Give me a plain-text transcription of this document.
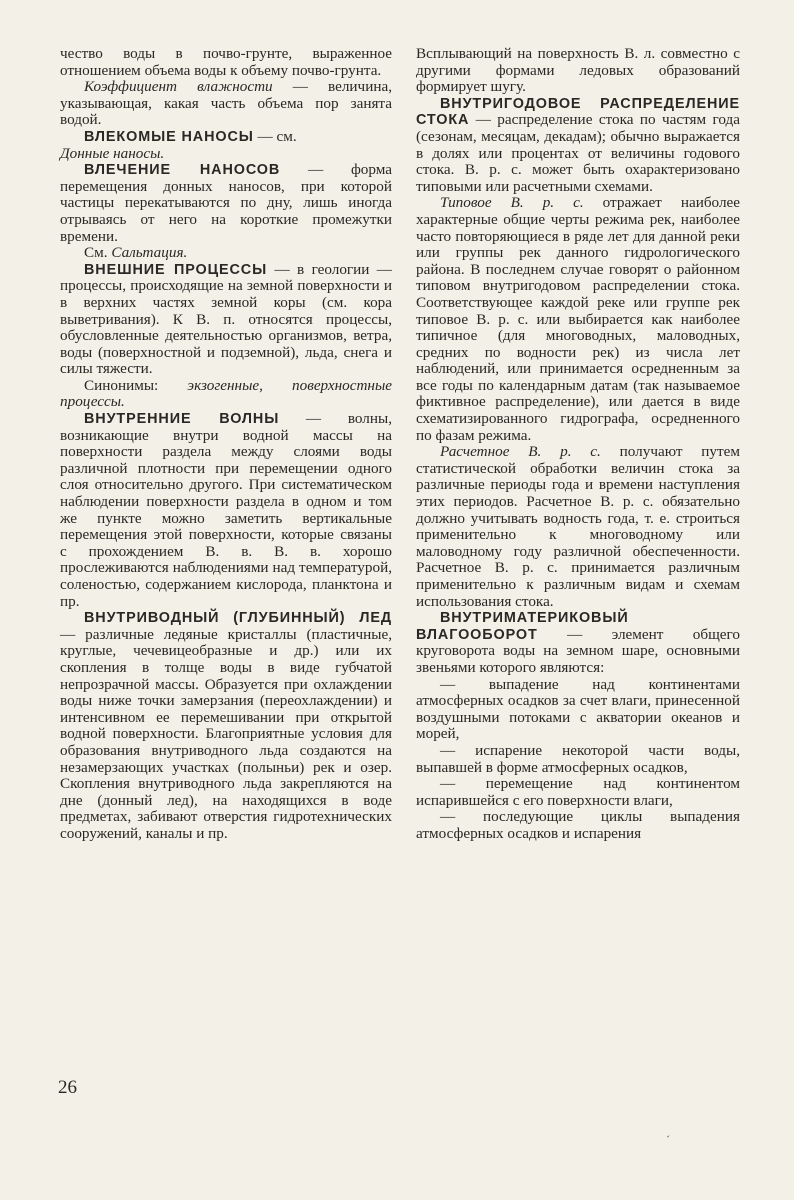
чество воды в почво-грунте, выраженное отношением объема воды к объему почво-грунта.

Коэффициент влажности — величина, указывающая, какая часть объема пор занята водой.

ВЛЕКОМЫЕ НАНОСЫ — см.
Донные наносы.

ВЛЕЧЕНИЕ НАНОСОВ — форма перемещения донных наносов, при которой частицы перекатываются по дну, лишь иногда отрываясь от него на короткие промежутки времени.

См. Сальтация.

ВНЕШНИЕ ПРОЦЕССЫ — в геологии — процессы, происходящие на земной поверхности и в верхних частях земной коры (см. кора выветривания). К В. п. относятся процессы, обусловленные деятельностью организмов, ветра, воды (поверхностной и подземной), льда, снега и силы тяжести.

Синонимы: экзогенные, поверхностные процессы.

ВНУТРЕННИЕ ВОЛНЫ — волны, возникающие внутри водной массы на поверхности раздела между слоями воды различной плотности при перемещении одного слоя относительно другого. При систематическом наблюдении поверхности раздела в одном и том же пункте можно заметить вертикальные перемещения этой поверхности, которые связаны с прохождением В. в. В. в. хорошо прослеживаются наблюдениями над температурой, соленостью, содержанием кислорода, планктона и пр.

ВНУТРИВОДНЫЙ (ГЛУБИННЫЙ) ЛЕД — различные ледяные кристаллы (пластичные, круглые, чечевицеобразные и др.) или их скопления в толще воды в виде губчатой непрозрачной массы. Образуется при охлаждении воды ниже точки замерзания (переохлаждении) и интенсивном ее перемешивании при открытой водной поверхности. Благоприятные условия для образования внутриводного льда создаются на незамерзающих участках (полыньи) рек и озер. Скопления внутриводного льда закрепляются на дне (донный лед), на находящихся в воде предметах, забивают отверстия гидротехнических сооружений, каналы и пр.

Всплывающий на поверхность В. л. совместно с другими формами ледовых образований формирует шугу.

ВНУТРИГОДОВОЕ РАСПРЕДЕЛЕНИЕ СТОКА — распределение стока по частям года (сезонам, месяцам, декадам); обычно выражается в долях или процентах от величины годового стока. В. р. с. может быть охарактеризовано типовыми или расчетными схемами.

Типовое В. р. с. отражает наиболее характерные общие черты режима рек, наиболее часто повторяющиеся в ряде лет для данной реки или группы рек данного гидрологического района. В последнем случае говорят о районном типовом внутригодовом распределении стока. Соответствующее каждой реке или группе рек типовое В. р. с. или выбирается как наиболее типичное (для многоводных, маловодных, средних по водности рек) из числа лет наблюдений, или принимается осредненным за все годы по календарным датам (так называемое фиктивное распределение), или дается в виде схематизированного гидрографа, осредненного по фазам режима.

Расчетное В. р. с. получают путем статистической обработки величин стока за различные периоды года и времени наступления этих периодов. Расчетное В. р. с. обязательно должно учитывать водность года, т. е. строиться применительно к многоводному или маловодному году различной обеспеченности. Расчетное В. р. с. принимается различным применительно к различным видам и схемам использования стока.

ВНУТРИМАТЕРИКОВЫЙ ВЛАГООБОРОТ — элемент общего круговорота воды на земном шаре, основными звеньями которого являются:

— выпадение над континентами атмосферных осадков за счет влаги, принесенной воздушными потоками с акватории океанов и морей,

— испарение некоторой части воды, выпавшей в форме атмосферных осадков,

— перемещение над континентом испарившейся с его поверхности влаги,

— последующие циклы выпадения атмосферных осадков и испарения

26
´
